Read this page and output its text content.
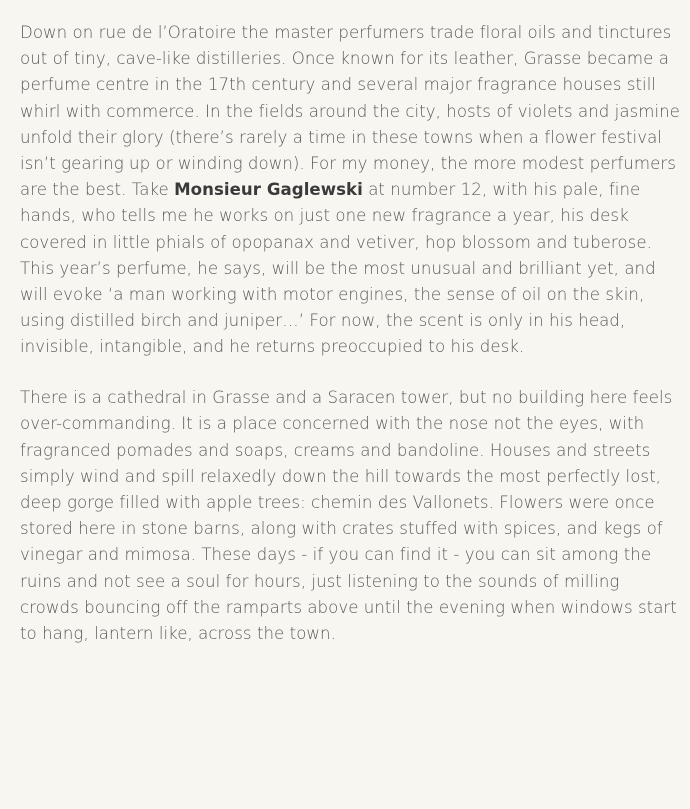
Down on rue de l’Oratoire the master perfumers trade floral oils and tinctures out of tiny, cave-like distilleries. Once known for its leather, Grasse became a perfume centre in the 17th century and several major fragrance houses still whirl with commerce. In the fields around the city, hosts of violets and jasmine unfold their glory (there’s rarely a time in these towns when a flower festival isn’t gearing up or winding down). For my money, the more modest perfumers are the best. Take Monsieur Gaglewski at number 12, with his pale, fine hands, who tells me he works on just one new fragrance a year, his desk covered in little phials of opopanax and vetiver, hop blossom and tuberose. This year’s perfume, he says, will be the most unusual and brilliant yet, and will evoke ‘a man working with motor engines, the sense of oil on the skin, using distilled birch and juniper…’ For now, the scent is only in his head, invisible, intangible, and he returns preoccupied to his desk.

There is a cathedral in Grasse and a Saracen tower, but no building here feels over-commanding. It is a place concerned with the nose not the eyes, with fragranced pomades and soaps, creams and bandoline. Houses and streets simply wind and spill relaxedly down the hill towards the most perfectly lost, deep gorge filled with apple trees: chemin des Vallonets. Flowers were once stored here in stone barns, along with crates stuffed with spices, and kegs of vinegar and mimosa. These days - if you can find it - you can sit among the ruins and not see a soul for hours, just listening to the sounds of milling crowds bouncing off the ramparts above until the evening when windows start to hang, lantern like, across the town.
